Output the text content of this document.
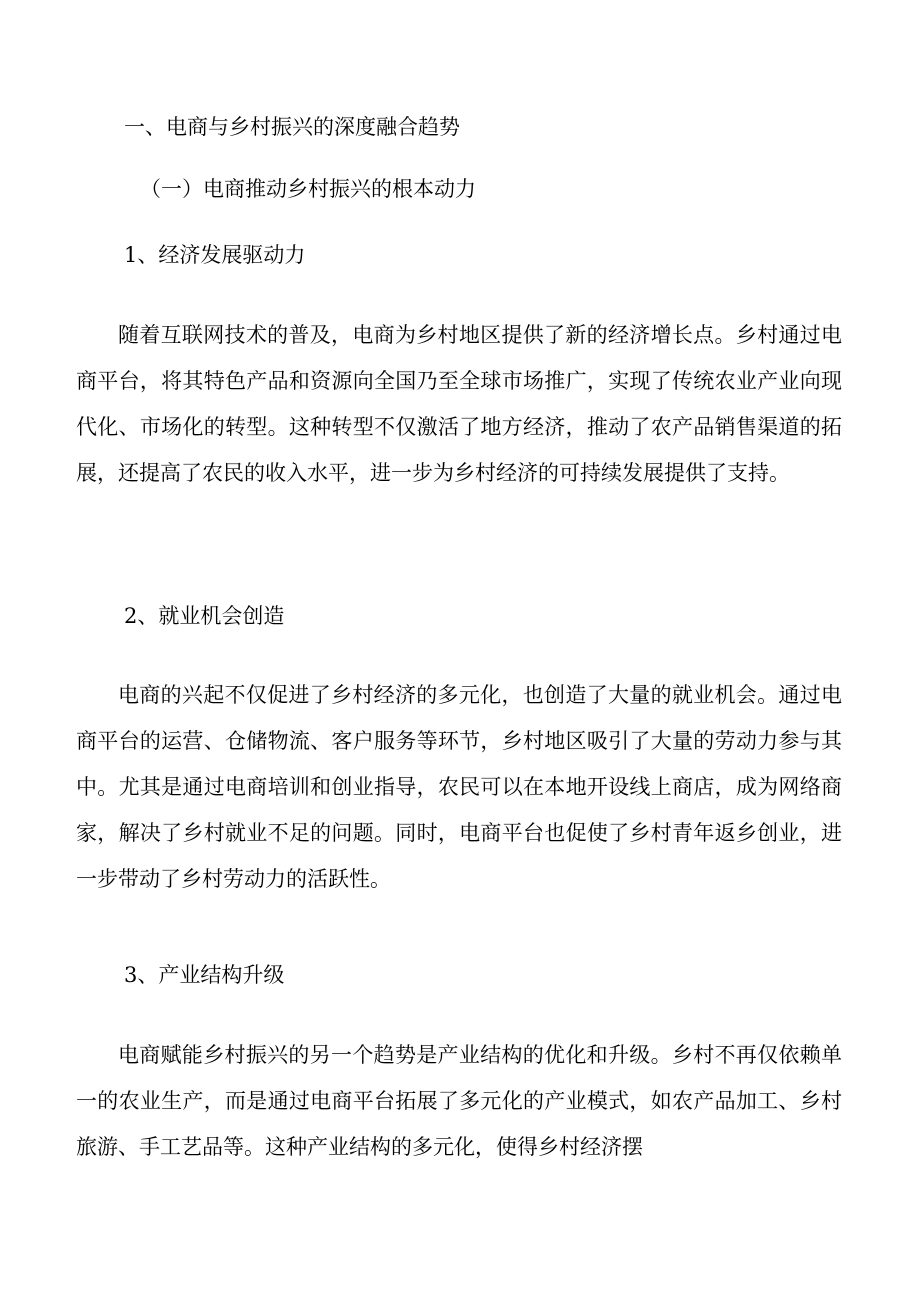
一、电商与乡村振兴的深度融合趋势
（一）电商推动乡村振兴的根本动力
1、经济发展驱动力

随着互联网技术的普及，电商为乡村地区提供了新的经济增长点。乡村通过电商平台，将其特色产品和资源向全国乃至全球市场推广，实现了传统农业产业向现代化、市场化的转型。这种转型不仅激活了地方经济，推动了农产品销售渠道的拓展，还提高了农民的收入水平，进一步为乡村经济的可持续发展提供了支持。

2、就业机会创造

电商的兴起不仅促进了乡村经济的多元化，也创造了大量的就业机会。通过电商平台的运营、仓储物流、客户服务等环节，乡村地区吸引了大量的劳动力参与其中。尤其是通过电商培训和创业指导，农民可以在本地开设线上商店，成为网络商家，解决了乡村就业不足的问题。同时，电商平台也促使了乡村青年返乡创业，进一步带动了乡村劳动力的活跃性。

3、产业结构升级

电商赋能乡村振兴的另一个趋势是产业结构的优化和升级。乡村不再仅依赖单一的农业生产，而是通过电商平台拓展了多元化的产业模式，如农产品加工、乡村旅游、手工艺品等。这种产业结构的多元化，使得乡村经济摆
